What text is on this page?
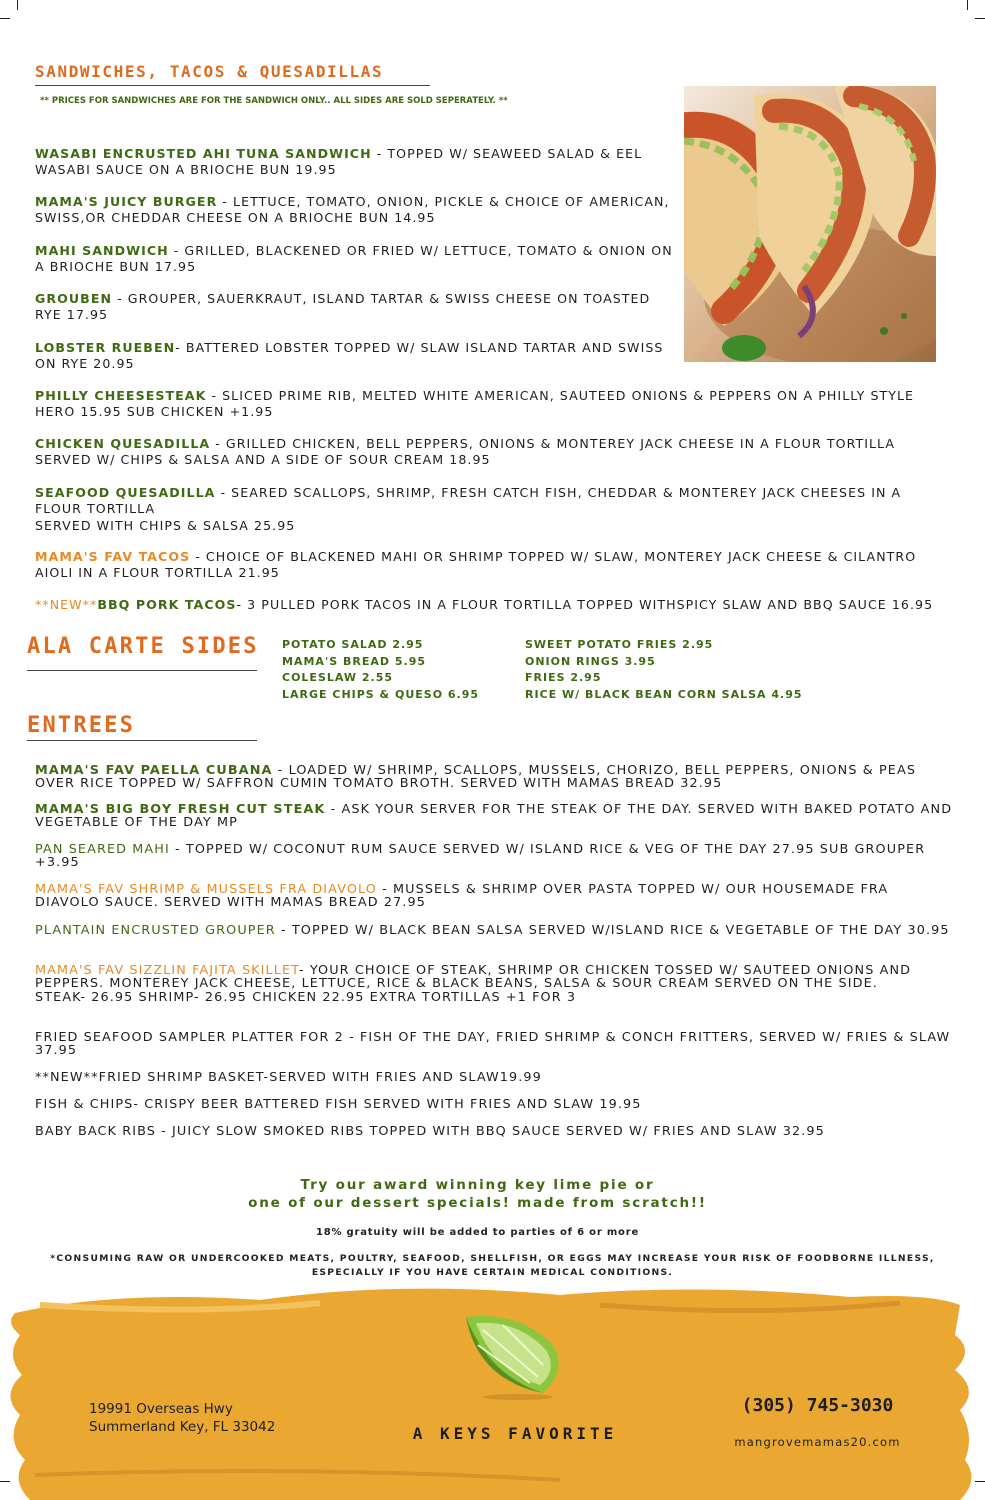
SANDWICHES, TACOS & QUESADILLAS
** PRICES FOR SANDWICHES ARE FOR THE SANDWICH ONLY.. ALL SIDES ARE SOLD SEPERATELY. **
WASABI ENCRUSTED AHI TUNA SANDWICH - TOPPED W/ SEAWEED SALAD & EEL WASABI SAUCE ON A BRIOCHE BUN 19.95
MAMA'S JUICY BURGER - LETTUCE, TOMATO, ONION, PICKLE & CHOICE OF AMERICAN, SWISS,OR CHEDDAR CHEESE ON A BRIOCHE BUN 14.95
MAHI SANDWICH - GRILLED, BLACKENED OR FRIED W/ LETTUCE, TOMATO & ONION ON A BRIOCHE BUN 17.95
GROUBEN - GROUPER, SAUERKRAUT, ISLAND TARTAR & SWISS CHEESE ON TOASTED RYE 17.95
LOBSTER RUEBEN- BATTERED LOBSTER TOPPED W/ SLAW ISLAND TARTAR AND SWISS ON RYE 20.95
PHILLY CHEESESTEAK - SLICED PRIME RIB, MELTED WHITE AMERICAN, SAUTEED ONIONS & PEPPERS ON A PHILLY STYLE HERO 15.95 SUB CHICKEN +1.95
CHICKEN QUESADILLA - GRILLED CHICKEN, BELL PEPPERS, ONIONS & MONTEREY JACK CHEESE IN A FLOUR TORTILLA SERVED W/ CHIPS & SALSA AND A SIDE OF SOUR CREAM 18.95
SEAFOOD QUESADILLA - SEARED SCALLOPS, SHRIMP, FRESH CATCH FISH, CHEDDAR & MONTEREY JACK CHEESES IN A FLOUR TORTILLA
SERVED WITH CHIPS & SALSA 25.95
MAMA'S FAV TACOS - CHOICE OF BLACKENED MAHI OR SHRIMP TOPPED W/ SLAW, MONTEREY JACK CHEESE & CILANTRO AIOLI IN A FLOUR TORTILLA 21.95
**NEW**BBQ PORK TACOS- 3 PULLED PORK TACOS IN A FLOUR TORTILLA TOPPED WITHSPICY SLAW AND BBQ SAUCE 16.95
ALA CARTE SIDES POTATO SALAD 2.95
MAMA'S BREAD 5.95
COLESLAW 2.55
LARGE CHIPS & QUESO 6.95
SWEET POTATO FRIES 2.95
ONION RINGS 3.95
FRIES 2.95
RICE W/ BLACK BEAN CORN SALSA 4.95
ENTREES
MAMA'S FAV PAELLA CUBANA - LOADED W/ SHRIMP, SCALLOPS, MUSSELS, CHORIZO, BELL PEPPERS, ONIONS & PEAS OVER RICE TOPPED W/ SAFFRON CUMIN TOMATO BROTH. SERVED WITH MAMAS BREAD 32.95
MAMA'S BIG BOY FRESH CUT STEAK - ASK YOUR SERVER FOR THE STEAK OF THE DAY. SERVED WITH BAKED POTATO AND VEGETABLE OF THE DAY MP
PAN SEARED MAHI - TOPPED W/ COCONUT RUM SAUCE SERVED W/ ISLAND RICE & VEG OF THE DAY 27.95 SUB GROUPER +3.95
MAMA'S FAV SHRIMP & MUSSELS FRA DIAVOLO - MUSSELS & SHRIMP OVER PASTA TOPPED W/ OUR HOUSEMADE FRA DIAVOLO SAUCE. SERVED WITH MAMAS BREAD 27.95
PLANTAIN ENCRUSTED GROUPER - TOPPED W/ BLACK BEAN SALSA SERVED W/ISLAND RICE & VEGETABLE OF THE DAY 30.95
MAMA'S FAV SIZZLIN FAJITA SKILLET- YOUR CHOICE OF STEAK, SHRIMP OR CHICKEN TOSSED W/ SAUTEED ONIONS AND PEPPERS. MONTEREY JACK CHEESE, LETTUCE, RICE & BLACK BEANS, SALSA & SOUR CREAM SERVED ON THE SIDE.
STEAK- 26.95 SHRIMP- 26.95 CHICKEN 22.95 EXTRA TORTILLAS +1 FOR 3
FRIED SEAFOOD SAMPLER PLATTER FOR 2 - FISH OF THE DAY, FRIED SHRIMP & CONCH FRITTERS, SERVED W/ FRIES & SLAW 37.95
**NEW**FRIED SHRIMP BASKET-SERVED WITH FRIES AND SLAW19.99
FISH & CHIPS- CRISPY BEER BATTERED FISH SERVED WITH FRIES AND SLAW 19.95
BABY BACK RIBS - JUICY SLOW SMOKED RIBS TOPPED WITH BBQ SAUCE SERVED W/ FRIES AND SLAW 32.95
Try our award winning key lime pie or
one of our dessert specials! made from scratch!!
18% gratuity will be added to parties of 6 or more
*CONSUMING RAW OR UNDERCOOKED MEATS, POULTRY, SEAFOOD, SHELLFISH, OR EGGS MAY INCREASE YOUR RISK OF FOODBORNE ILLNESS, ESPECIALLY IF YOU HAVE CERTAIN MEDICAL CONDITIONS.
19991 Overseas Hwy
Summerland Key, FL 33042	A KEYS FAVORITE
(305) 745-3030
mangrovemamas20.com
